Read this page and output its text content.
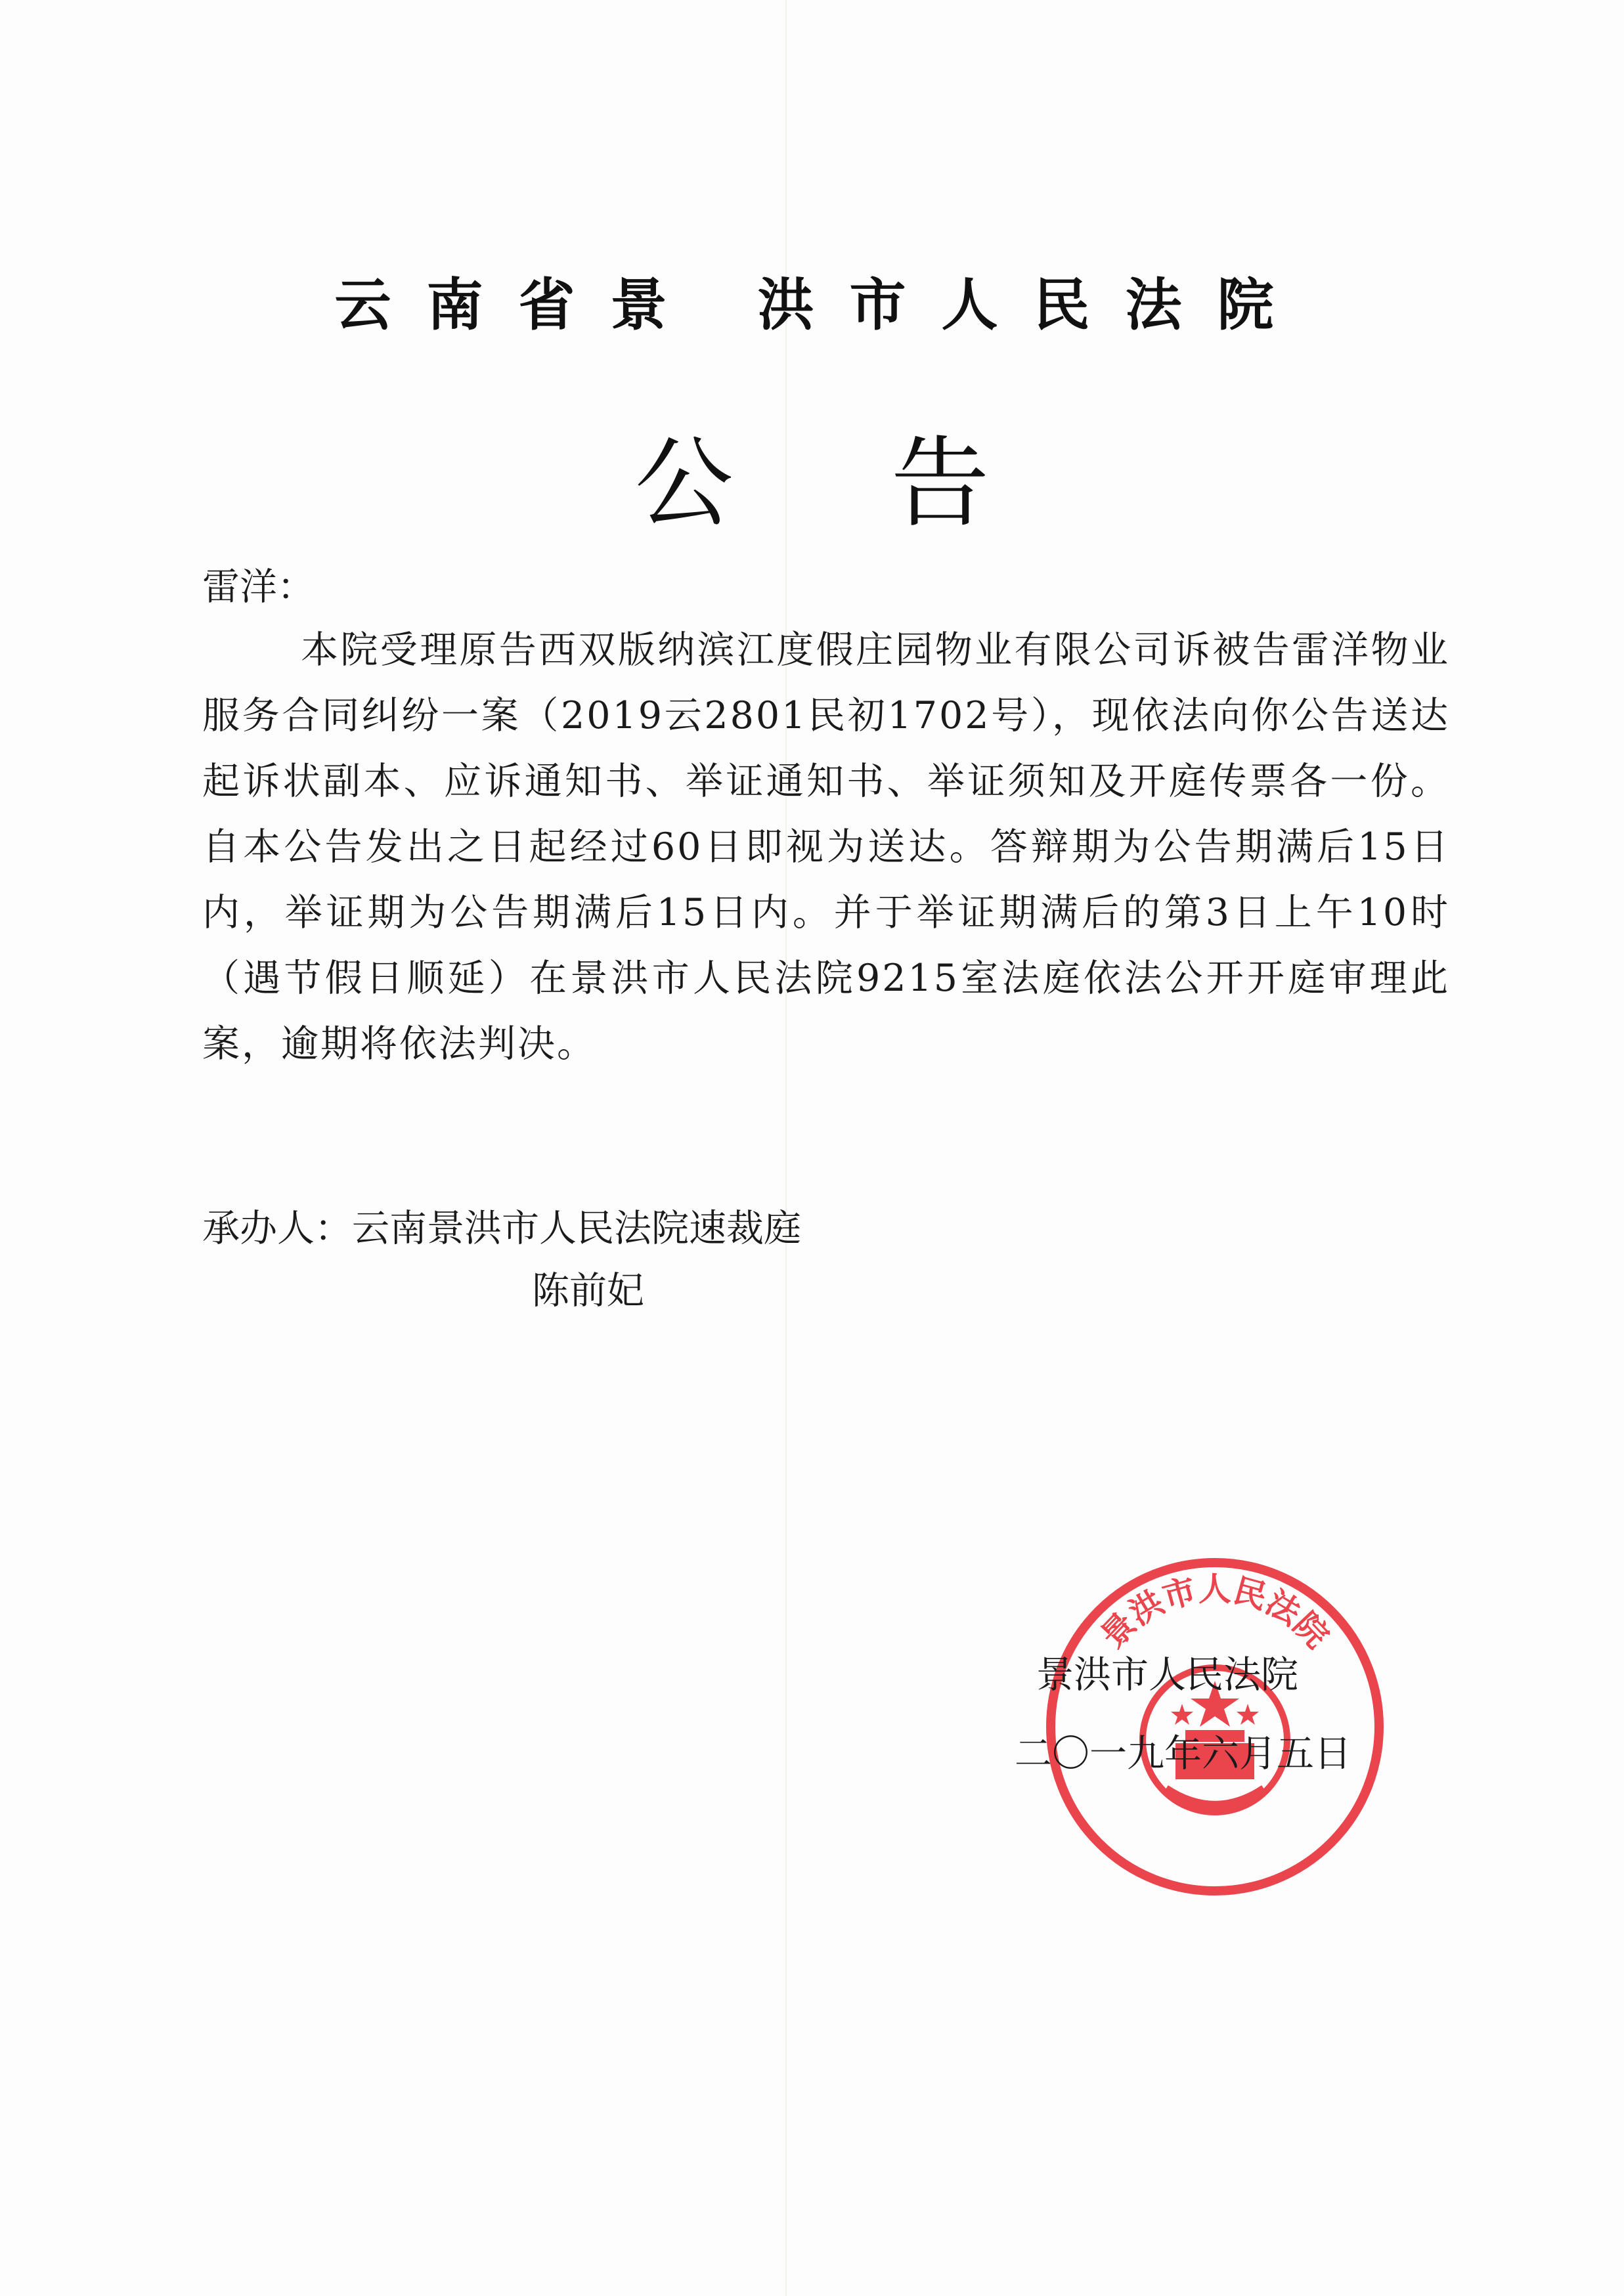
云南省景 洪市人民法院
公告
雷洋：
本院受理原告西双版纳滨江度假庄园物业有限公司诉被告雷洋物业服务合同纠纷一案（2019云2801民初1702号），现依法向你公告送达起诉状副本、应诉通知书、举证通知书、举证须知及开庭传票各一份。自本公告发出之日起经过60日即视为送达。答辩期为公告期满后15日内，举证期为公告期满后15日内。并于举证期满后的第3日上午10时（遇节假日顺延）在景洪市人民法院9215室法庭依法公开开庭审理此案，逾期将依法判决。
承办人：云南景洪市人民法院速裁庭
陈前妃
景洪市人民法院
景洪市人民法院
二〇一九年六月五日
